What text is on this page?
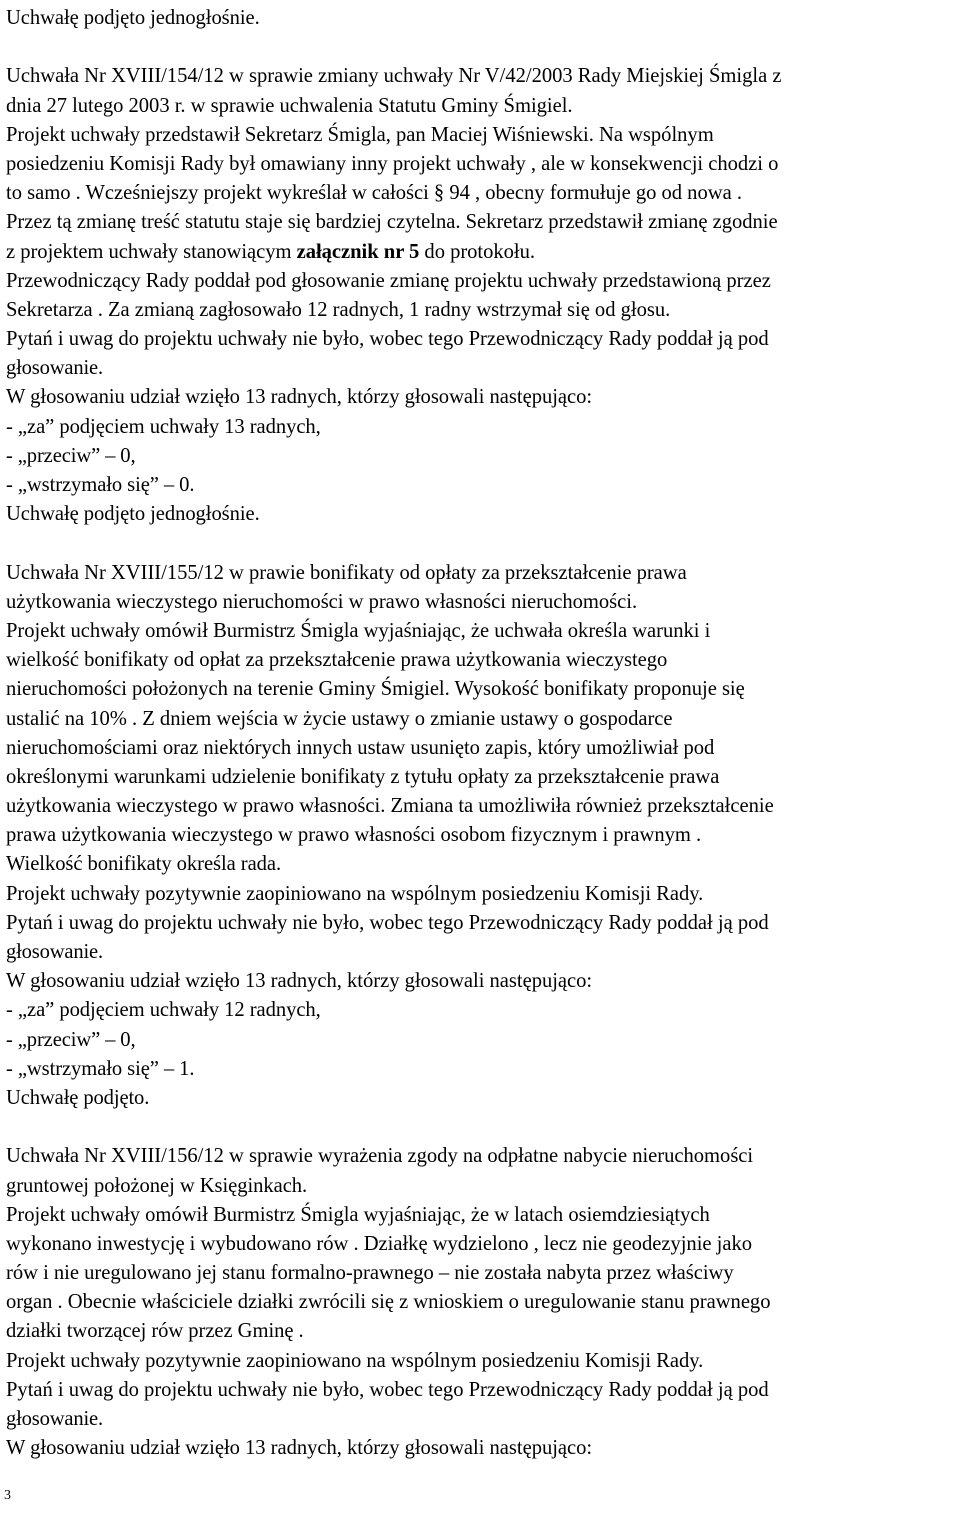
Uchwałę podjęto jednogłośnie.
Uchwała Nr XVIII/154/12 w sprawie zmiany uchwały Nr V/42/2003 Rady Miejskiej Śmigla z
dnia 27 lutego 2003 r. w sprawie uchwalenia Statutu Gminy Śmigiel.
Projekt uchwały przedstawił Sekretarz Śmigla, pan Maciej Wiśniewski. Na wspólnym
posiedzeniu Komisji Rady był omawiany inny projekt uchwały , ale w konsekwencji chodzi o
to samo . Wcześniejszy projekt wykreślał w całości § 94 , obecny formułuje go od nowa .
Przez tą zmianę treść statutu staje się bardziej czytelna. Sekretarz przedstawił zmianę zgodnie
z projektem uchwały stanowiącym załącznik nr 5 do protokołu.
Przewodniczący Rady poddał pod głosowanie zmianę projektu uchwały przedstawioną przez
Sekretarza . Za zmianą zagłosowało 12 radnych, 1 radny wstrzymał się od głosu.
Pytań i uwag do projektu uchwały nie było, wobec tego Przewodniczący Rady poddał ją pod
głosowanie.
W głosowaniu udział wzięło 13 radnych, którzy głosowali następująco:
- „za” podjęciem uchwały 13 radnych,
- „przeciw” – 0,
- „wstrzymało się” – 0.
Uchwałę podjęto jednogłośnie.
Uchwała Nr XVIII/155/12 w prawie bonifikaty od opłaty za przekształcenie prawa
użytkowania wieczystego nieruchomości w prawo własności nieruchomości.
Projekt uchwały omówił Burmistrz Śmigla wyjaśniając, że uchwała określa warunki i
wielkość bonifikaty od opłat za przekształcenie prawa użytkowania wieczystego
nieruchomości położonych na terenie Gminy Śmigiel. Wysokość bonifikaty proponuje się
ustalić na 10% . Z dniem wejścia w życie ustawy o zmianie ustawy o gospodarce
nieruchomościami oraz niektórych innych ustaw usunięto zapis, który umożliwiał pod
określonymi warunkami udzielenie bonifikaty z tytułu opłaty za przekształcenie prawa
użytkowania wieczystego w prawo własności. Zmiana ta umożliwiła również przekształcenie
prawa użytkowania wieczystego w prawo własności osobom fizycznym i prawnym .
Wielkość bonifikaty określa rada.
Projekt uchwały pozytywnie zaopiniowano na wspólnym posiedzeniu Komisji Rady.
Pytań i uwag do projektu uchwały nie było, wobec tego Przewodniczący Rady poddał ją pod
głosowanie.
W głosowaniu udział wzięło 13 radnych, którzy głosowali następująco:
- „za” podjęciem uchwały 12 radnych,
- „przeciw” – 0,
- „wstrzymało się” – 1.
Uchwałę podjęto.
Uchwała Nr XVIII/156/12 w sprawie wyrażenia zgody na odpłatne nabycie nieruchomości
gruntowej położonej w Księginkach.
Projekt uchwały omówił Burmistrz Śmigla wyjaśniając, że w latach osiemdziesiątych
wykonano inwestycję i wybudowano rów . Działkę wydzielono , lecz nie geodezyjnie jako
rów i nie uregulowano jej stanu formalno-prawnego – nie została nabyta przez właściwy
organ . Obecnie właściciele działki zwrócili się z wnioskiem o uregulowanie stanu prawnego
działki tworzącej rów przez Gminę .
Projekt uchwały pozytywnie zaopiniowano na wspólnym posiedzeniu Komisji Rady.
Pytań i uwag do projektu uchwały nie było, wobec tego Przewodniczący Rady poddał ją pod
głosowanie.
W głosowaniu udział wzięło 13 radnych, którzy głosowali następująco:
3
